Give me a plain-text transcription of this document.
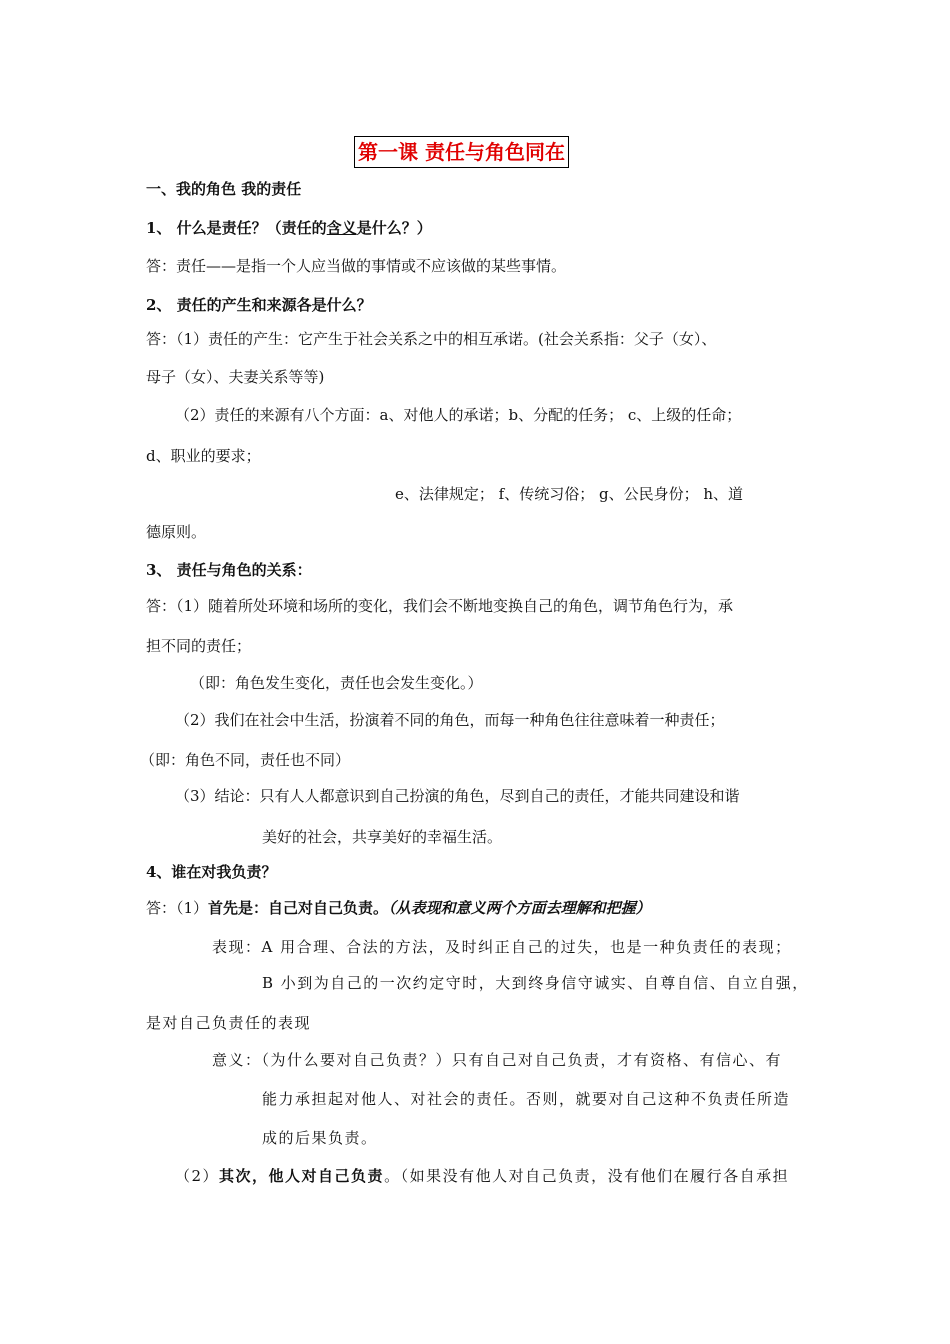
第一课 责任与角色同在
一、我的角色 我的责任
1、 什么是责任？（责任的含义是什么？）
答：责任——是指一个人应当做的事情或不应该做的某些事情。
2、 责任的产生和来源各是什么？
答：（1）责任的产生：它产生于社会关系之中的相互承诺。(社会关系指：父子（女）、
母子（女）、夫妻关系等等)
（2）责任的来源有八个方面：a、对他人的承诺；b、分配的任务； c、上级的任命；
d、职业的要求；
e、法律规定； f、传统习俗； g、公民身份； h、道
德原则。
3、 责任与角色的关系：
答：（1）随着所处环境和场所的变化，我们会不断地变换自己的角色，调节角色行为，承
担不同的责任；
（即：角色发生变化，责任也会发生变化。）
（2）我们在社会中生活，扮演着不同的角色，而每一种角色往往意味着一种责任；
（即：角色不同，责任也不同）
（3）结论：只有人人都意识到自己扮演的角色，尽到自己的责任，才能共同建设和谐
美好的社会，共享美好的幸福生活。
4、谁在对我负责？
答：（1）首先是：自己对自己负责。（从表现和意义两个方面去理解和把握）
表现：A 用合理、合法的方法，及时纠正自己的过失，也是一种负责任的表现；
B 小到为自己的一次约定守时，大到终身信守诚实、自尊自信、自立自强，
是对自己负责任的表现
意义：（为什么要对自己负责？）只有自己对自己负责，才有资格、有信心、有
能力承担起对他人、对社会的责任。否则，就要对自己这种不负责任所造
成的后果负责。
（2）其次，他人对自己负责。（如果没有他人对自己负责，没有他们在履行各自承担
